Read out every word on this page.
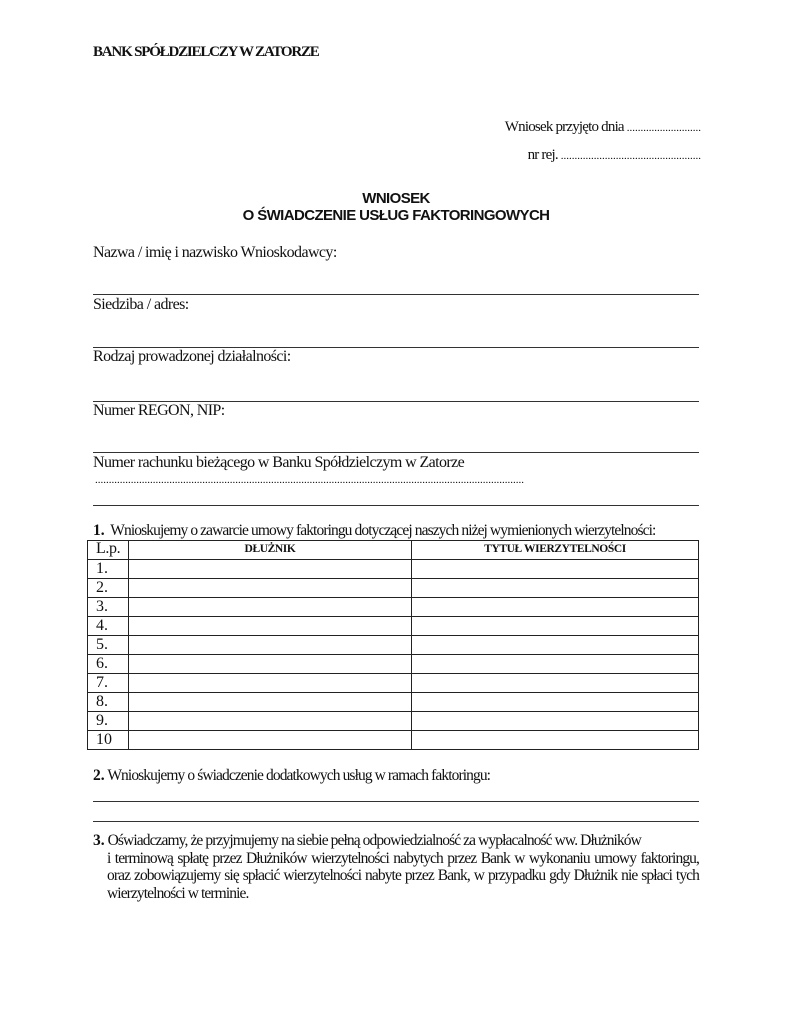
BANK SPÓŁDZIELCZY W ZATORZE
Wniosek przyjęto dnia ...........................
nr rej. ...................................................
WNIOSEK
O ŚWIADCZENIE USŁUG FAKTORINGOWYCH
Nazwa / imię i nazwisko Wnioskodawcy:
Siedziba / adres:
Rodzaj prowadzonej działalności:
Numer REGON, NIP:
Numer rachunku bieżącego w Banku Spółdzielczym w Zatorze
............................................................................................................................................................
1. Wnioskujemy o zawarcie umowy faktoringu dotyczącej naszych niżej wymienionych wierzytelności:
L.p.	DŁUŻNIK	TYTUŁ WIERZYTELNOŚCI
1.		
2.		
3.		
4.		
5.		
6.		
7.		
8.		
9.		
10		
2. Wnioskujemy o świadczenie dodatkowych usług w ramach faktoringu:
3. Oświadczamy, że przyjmujemy na siebie pełną odpowiedzialność za wypłacalność ww. Dłużników
i terminową spłatę przez Dłużników wierzytelności nabytych przez Bank w wykonaniu umowy faktoringu, oraz zobowiązujemy się spłacić wierzytelności nabyte przez Bank, w przypadku gdy Dłużnik nie spłaci tych wierzytelności w terminie.
